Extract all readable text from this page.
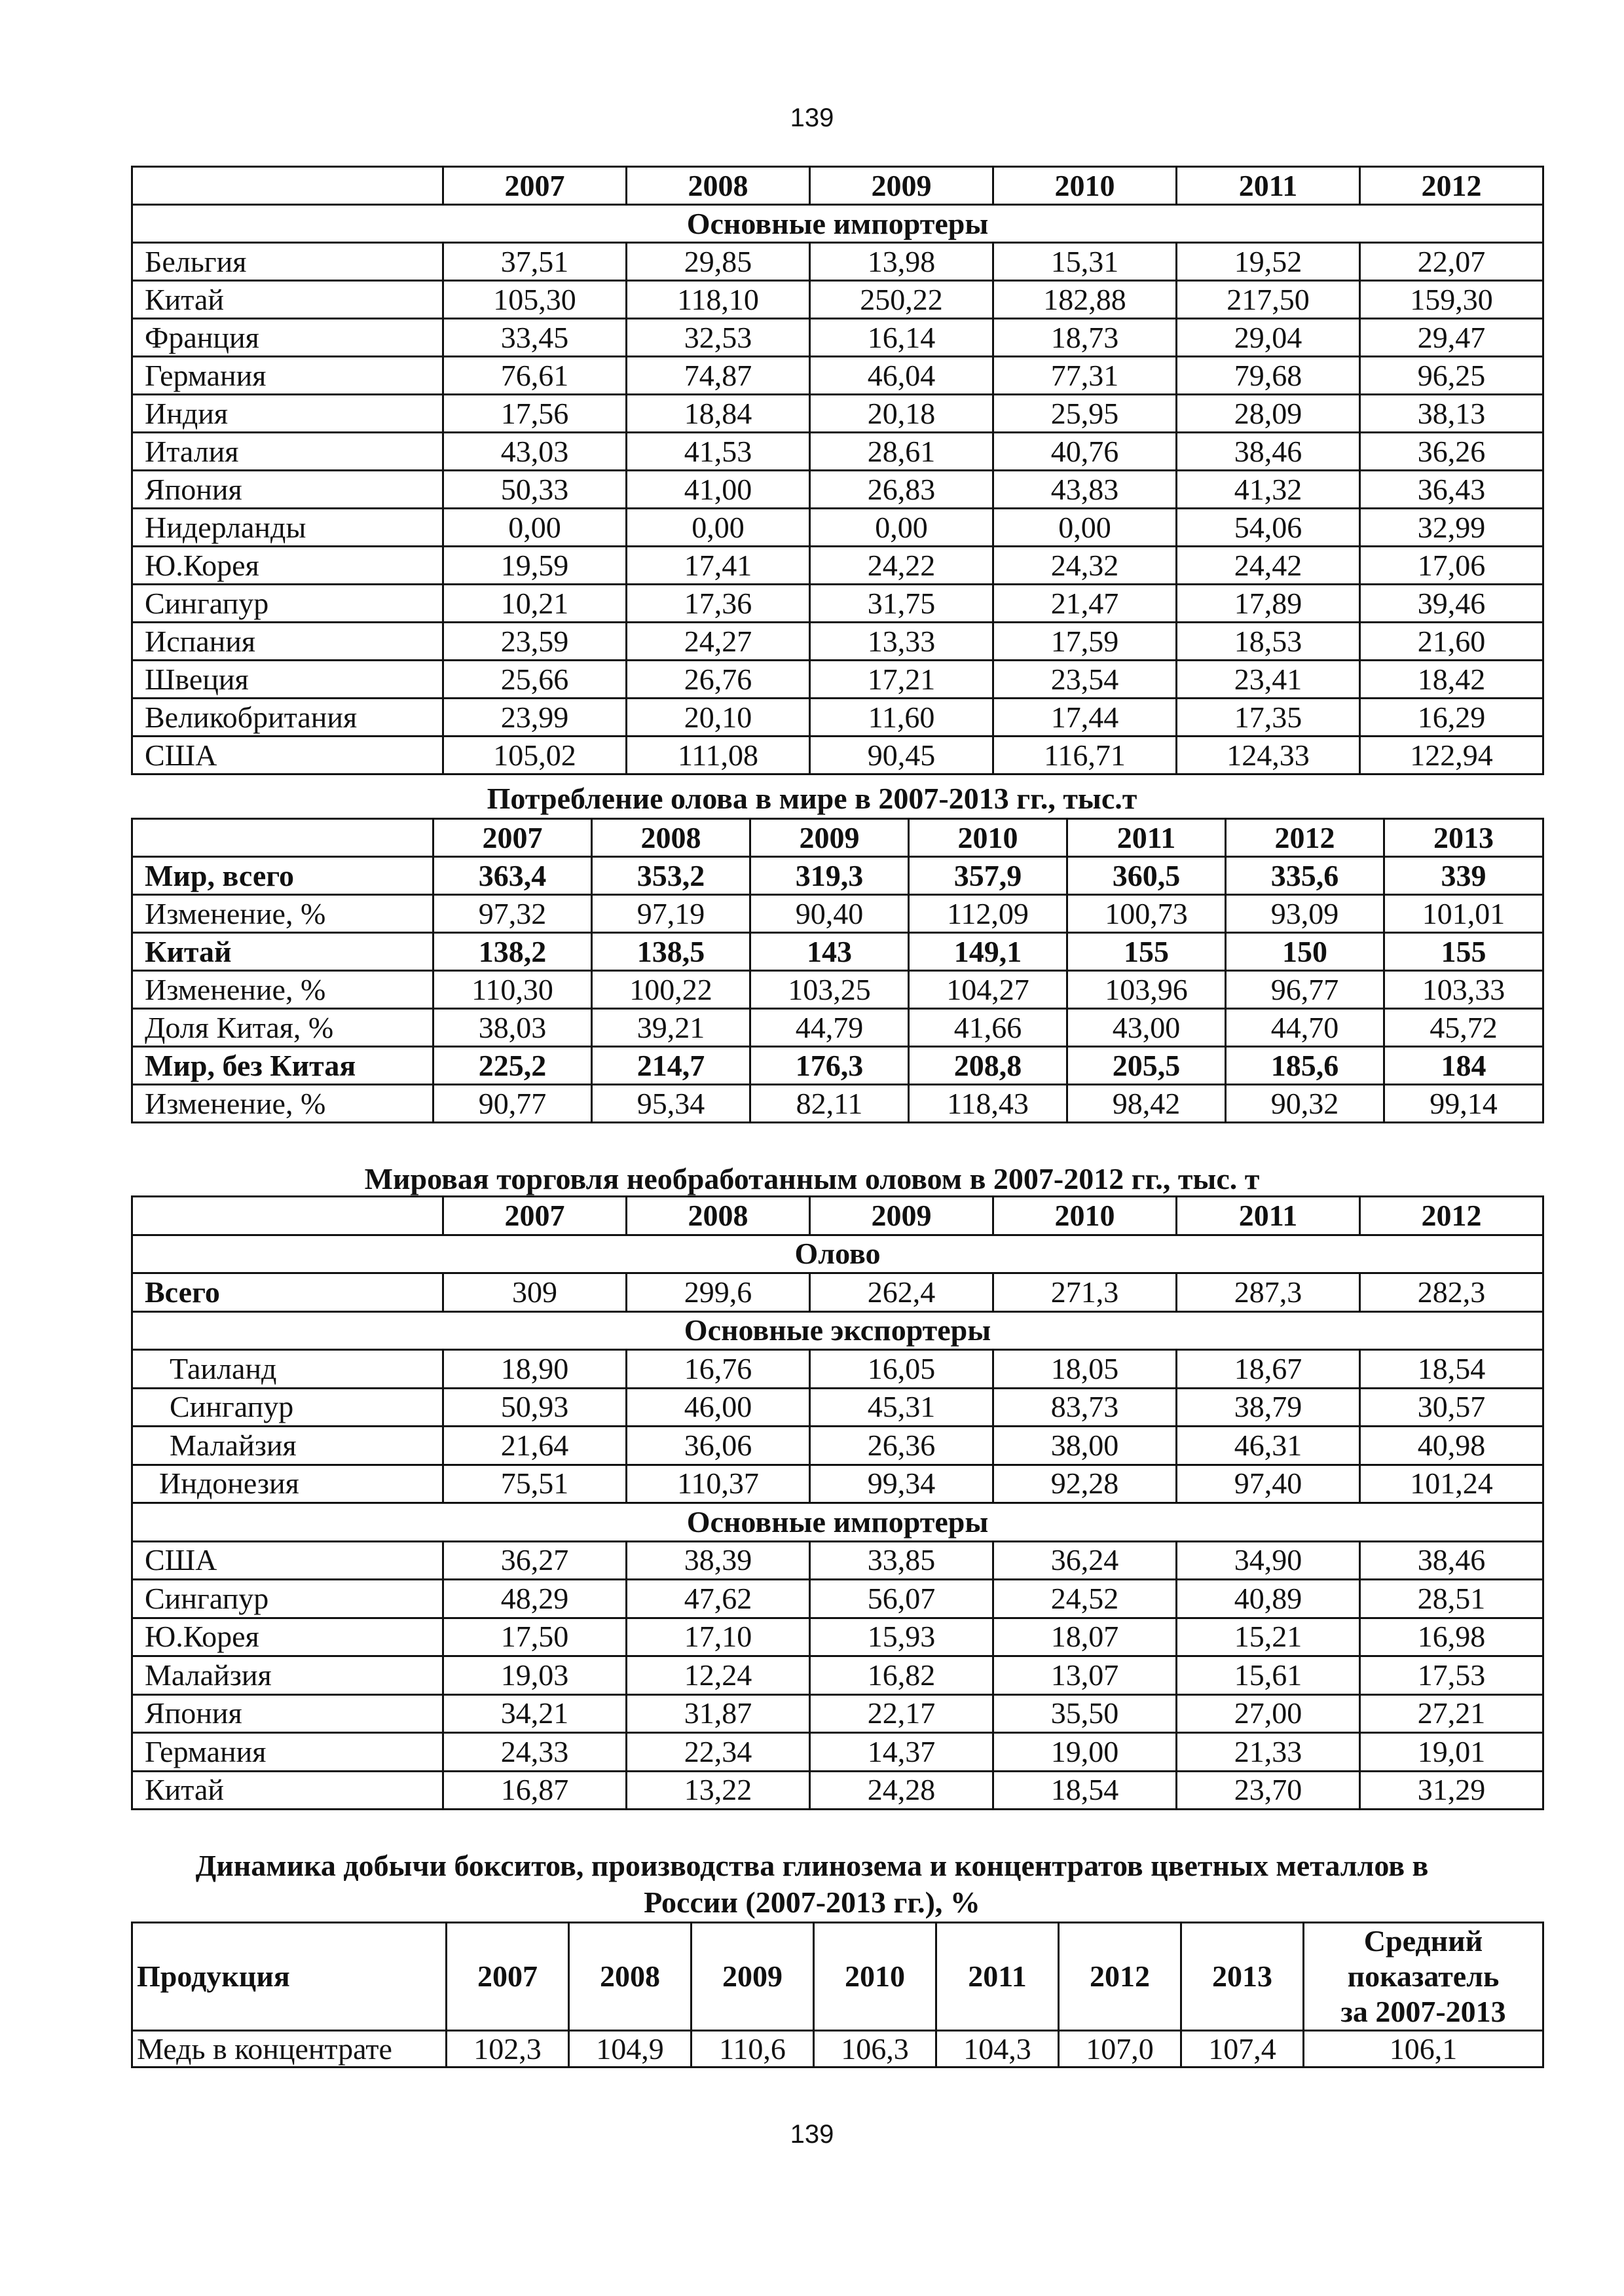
139
	2007	2008	2009	2010	2011	2012
Основные импортеры						
Бельгия	37,51	29,85	13,98	15,31	19,52	22,07
Китай	105,30	118,10	250,22	182,88	217,50	159,30
Франция	33,45	32,53	16,14	18,73	29,04	29,47
Германия	76,61	74,87	46,04	77,31	79,68	96,25
Индия	17,56	18,84	20,18	25,95	28,09	38,13
Италия	43,03	41,53	28,61	40,76	38,46	36,26
Япония	50,33	41,00	26,83	43,83	41,32	36,43
Нидерланды	0,00	0,00	0,00	0,00	54,06	32,99
Ю.Корея	19,59	17,41	24,22	24,32	24,42	17,06
Сингапур	10,21	17,36	31,75	21,47	17,89	39,46
Испания	23,59	24,27	13,33	17,59	18,53	21,60
Швеция	25,66	26,76	17,21	23,54	23,41	18,42
Великобритания	23,99	20,10	11,60	17,44	17,35	16,29
США	105,02	111,08	90,45	116,71	124,33	122,94
Потребление олова в мире в 2007-2013 гг., тыс.т
	2007	2008	2009	2010	2011	2012	2013
Мир, всего	363,4	353,2	319,3	357,9	360,5	335,6	339
Изменение, %	97,32	97,19	90,40	112,09	100,73	93,09	101,01
Китай	138,2	138,5	143	149,1	155	150	155
Изменение, %	110,30	100,22	103,25	104,27	103,96	96,77	103,33
Доля Китая, %	38,03	39,21	44,79	41,66	43,00	44,70	45,72
Мир, без Китая	225,2	214,7	176,3	208,8	205,5	185,6	184
Изменение, %	90,77	95,34	82,11	118,43	98,42	90,32	99,14
Мировая торговля необработанным оловом в 2007-2012 гг., тыс. т
	2007	2008	2009	2010	2011	2012
Олово						
Всего	309	299,6	262,4	271,3	287,3	282,3
Основные экспортеры						
Таиланд	18,90	16,76	16,05	18,05	18,67	18,54
Сингапур	50,93	46,00	45,31	83,73	38,79	30,57
Малайзия	21,64	36,06	26,36	38,00	46,31	40,98
Индонезия	75,51	110,37	99,34	92,28	97,40	101,24
Основные импортеры						
США	36,27	38,39	33,85	36,24	34,90	38,46
Сингапур	48,29	47,62	56,07	24,52	40,89	28,51
Ю.Корея	17,50	17,10	15,93	18,07	15,21	16,98
Малайзия	19,03	12,24	16,82	13,07	15,61	17,53
Япония	34,21	31,87	22,17	35,50	27,00	27,21
Германия	24,33	22,34	14,37	19,00	21,33	19,01
Китай	16,87	13,22	24,28	18,54	23,70	31,29
Динамика добычи бокситов, производства глинозема и концентратов цветных металлов в
России (2007-2013 гг.), %
Продукция	2007	2008	2009	2010	2011	2012	2013	Средний
показатель
за 2007-2013

Медь в концентрате	102,3	104,9	110,6	106,3	104,3	107,0	107,4	106,1
139
